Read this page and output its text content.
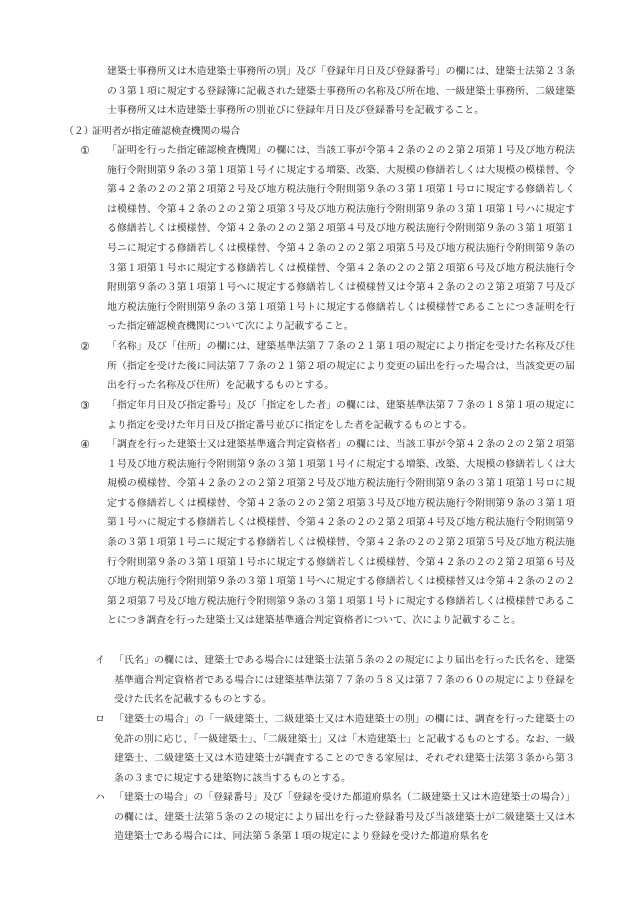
建築士事務所又は木造建築士事務所の別」及び「登録年月日及び登録番号」の欄には、建築士法第２３条の３第１項に規定する登録簿に記載された建築士事務所の名称及び所在地、一級建築士事務所、二級建築士事務所又は木造建築士事務所の別並びに登録年月日及び登録番号を記載すること。
（２）
証明者が指定確認検査機関の場合
① 「証明を行った指定確認検査機関」の欄には、当該工事が令第４２条の２の２第２項第１号及び地方税法施行令附則第９条の３第１項第１号イに規定する増築、改築、大規模の修繕若しくは大規模の模様替、令第４２条の２の２第２項第２号及び地方税法施行令附則第９条の３第１項第１号ロに規定する修繕若しくは模様替、令第４２条の２の２第２項第３号及び地方税法施行令附則第９条の３第１項第１号ハに規定する修繕若しくは模様替、令第４２条の２の２第２項第４号及び地方税法施行令附則第９条の３第１項第１号ニに規定する修繕若しくは模様替、令第４２条の２の２第２項第５号及び地方税法施行令附則第９条の３第１項第１号ホに規定する修繕若しくは模様替、令第４２条の２の２第２項第６号及び地方税法施行令附則第９条の３第１項第１号へに規定する修繕若しくは模様替又は令第４２条の２の２第２項第７号及び地方税法施行令附則第９条の３第１項第１号トに規定する修繕若しくは模様替であることにつき証明を行った指定確認検査機関について次により記載すること。
② 「名称」及び「住所」の欄には、建築基準法第７７条の２１第１項の規定により指定を受けた名称及び住所（指定を受けた後に同法第７７条の２１第２項の規定により変更の届出を行った場合は、当該変更の届出を行った名称及び住所）を記載するものとする。
③ 「指定年月日及び指定番号」及び「指定をした者」の欄には、建築基準法第７７条の１８第１項の規定により指定を受けた年月日及び指定番号並びに指定をした者を記載するものとする。
④ 「調査を行った建築士又は建築基準適合判定資格者」の欄には、当該工事が令第４２条の２の２第２項第１号及び地方税法施行令附則第９条の３第１項第１号イに規定する増築、改築、大規模の修繕若しくは大規模の模様替、令第４２条の２の２第２項第２号及び地方税法施行令附則第９条の３第１項第１号ロに規定する修繕若しくは模様替、令第４２条の２の２第２項第３号及び地方税法施行令附則第９条の３第１項第１号ハに規定する修繕若しくは模様替、令第４２条の２の２第２項第４号及び地方税法施行令附則第９条の３第１項第１号ニに規定する修繕若しくは模様替、令第４２条の２の２第２項第５号及び地方税法施行令附則第９条の３第１項第１号ホに規定する修繕若しくは模様替、令第４２条の２の２第２項第６号及び地方税法施行令附則第９条の３第１項第１号へに規定する修繕若しくは模様替又は令第４２条の２の２第２項第７号及び地方税法施行令附則第９条の３第１項第１号トに規定する修繕若しくは模様替であることにつき調査を行った建築士又は建築基準適合判定資格者について、次により記載すること。
イ 「氏名」の欄には、建築士である場合には建築士法第５条の２の規定により届出を行った氏名を、建築基準適合判定資格者である場合には建築基準法第７７条の５８又は第７７条の６０の規定により登録を受けた氏名を記載するものとする。
ロ 「建築士の場合」の「一級建築士、二級建築士又は木造建築士の別」の欄には、調査を行った建築士の免許の別に応じ、「一級建築士」、「二級建築士」又は「木造建築士」と記載するものとする。なお、一級建築士、二級建築士又は木造建築士が調査することのできる家屋は、それぞれ建築士法第３条から第３条の３までに規定する建築物に該当するものとする。
ハ 「建築士の場合」の「登録番号」及び「登録を受けた都道府県名（二級建築士又は木造建築士の場合）」の欄には、建築士法第５条の２の規定により届出を行った登録番号及び当該建築士が二級建築士又は木造建築士である場合には、同法第５条第１項の規定により登録を受けた都道府県名を
